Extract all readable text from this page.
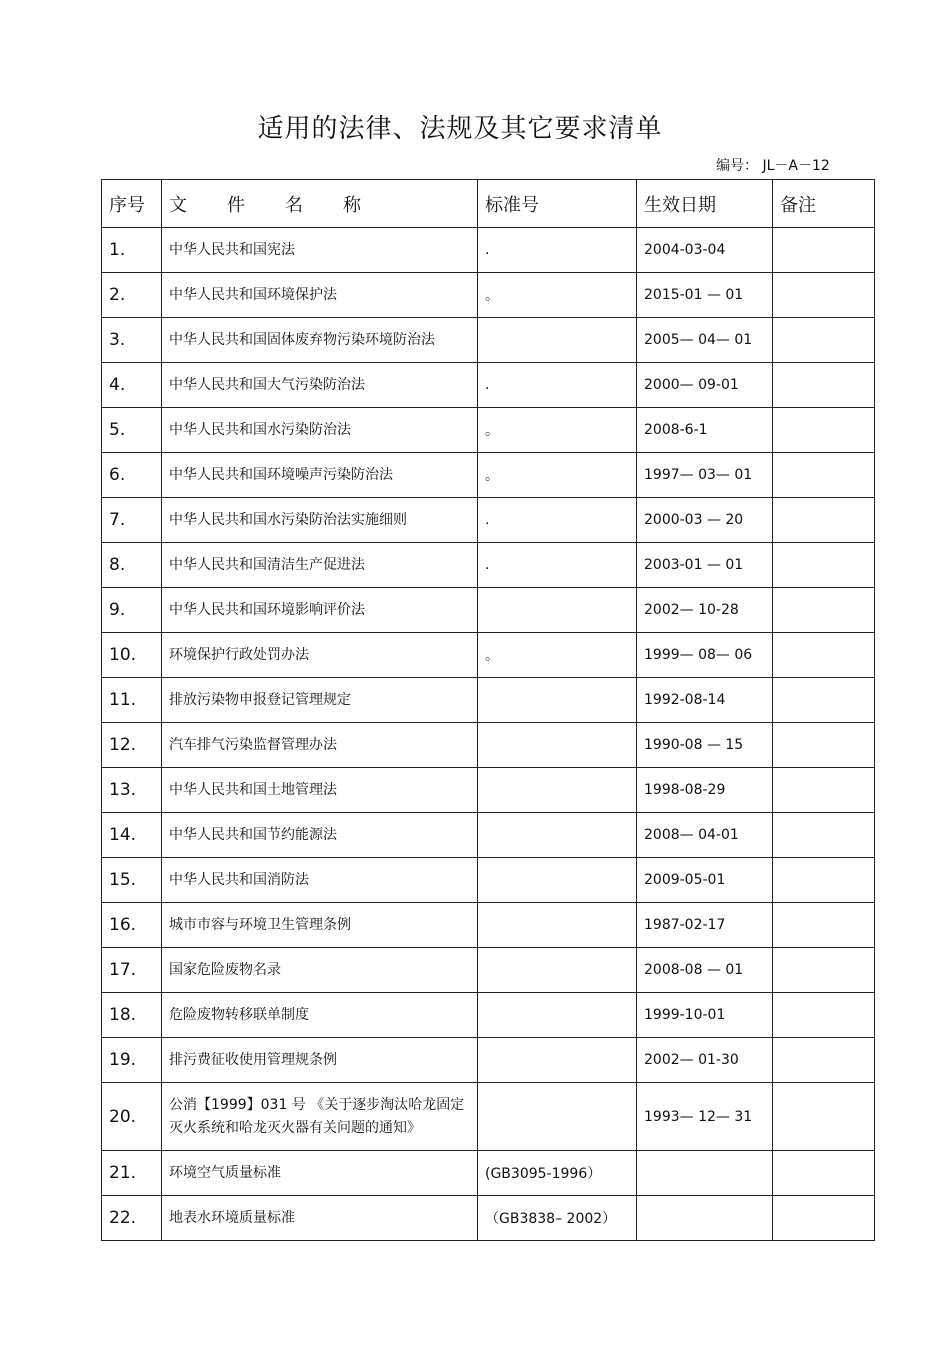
适用的法律、法规及其它要求清单
编号： JL－A－12
序号	文 件 名 称	标准号	生效日期	备注
1.	中华人民共和国宪法	.	2004-03-04	
2.	中华人民共和国环境保护法	。	2015-01 — 01	
3.	中华人民共和国固体废弃物污染环境防治法		2005— 04— 01	
4.	中华人民共和国大气污染防治法	.	2000— 09-01	
5.	中华人民共和国水污染防治法	。	2008-6-1	
6.	中华人民共和国环境噪声污染防治法	。	1997— 03— 01	
7.	中华人民共和国水污染防治法实施细则	.	2000-03 — 20	
8.	中华人民共和国清洁生产促进法	.	2003-01 — 01	
9.	中华人民共和国环境影响评价法		2002— 10-28	
10.	环境保护行政处罚办法	。	1999— 08— 06	
11.	排放污染物申报登记管理规定		1992-08-14	
12.	汽车排气污染监督管理办法		1990-08 — 15	
13.	中华人民共和国土地管理法		1998-08-29	
14.	中华人民共和国节约能源法		2008— 04-01	
15.	中华人民共和国消防法		2009-05-01	
16.	城市市容与环境卫生管理条例		1987-02-17	
17.	国家危险废物名录		2008-08 — 01	
18.	危险废物转移联单制度		1999-10-01	
19.	排污费征收使用管理规条例		2002— 01-30	
20.	公消【1999】031 号 《关于逐步淘汰哈龙固定灭火系统和哈龙灭火器有关问题的通知》		1993— 12— 31	
21.	环境空气质量标准	(GB3095-1996）		
22.	地表水环境质量标准	（GB3838– 2002）		
